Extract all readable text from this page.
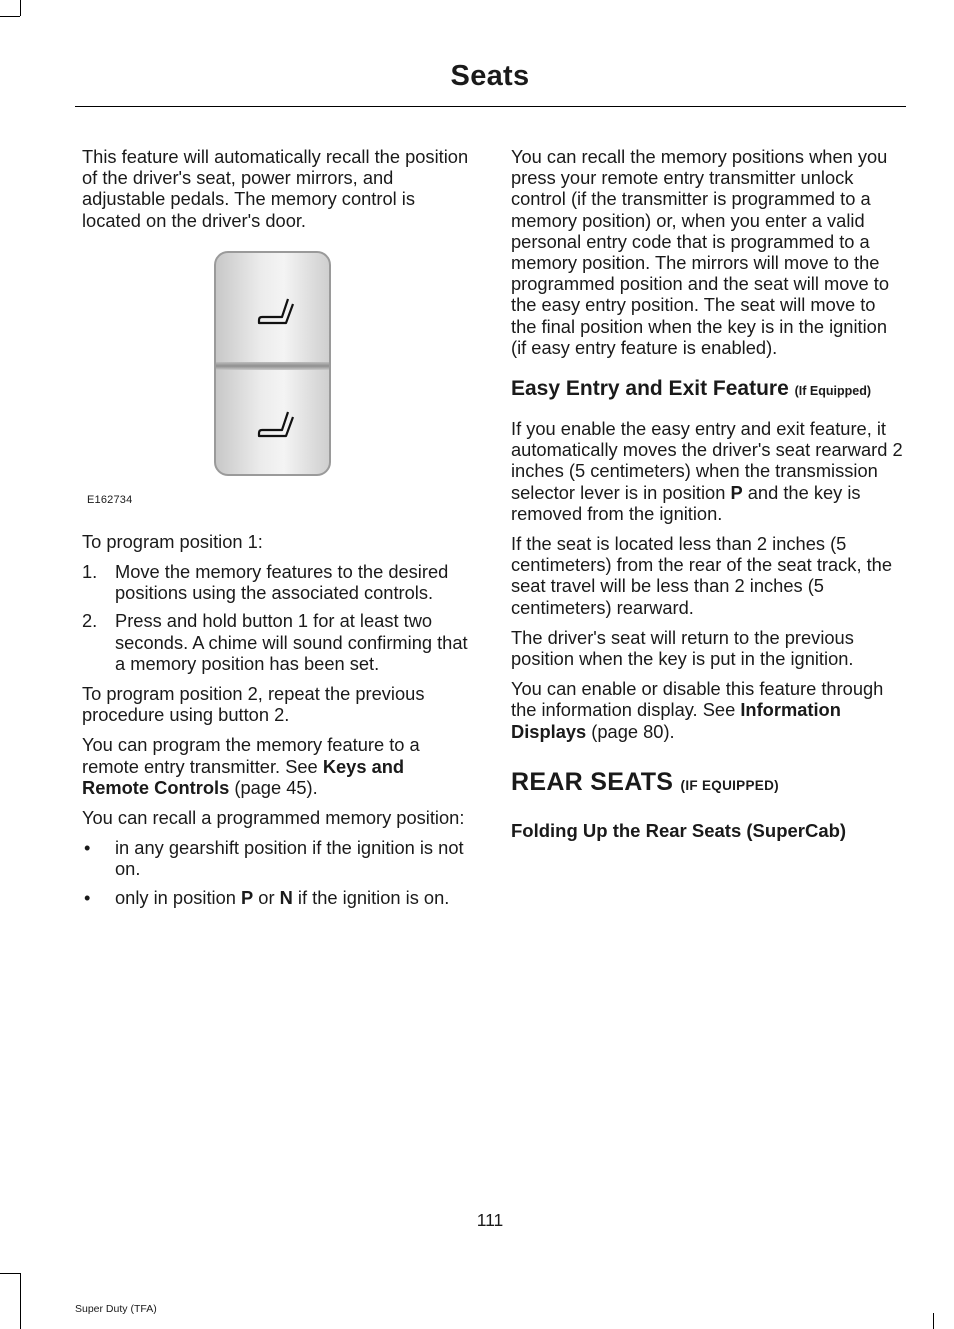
Seats

This feature will automatically recall the position of the driver's seat, power mirrors, and adjustable pedals. The memory control is located on the driver's door.

E162734

To program position 1:

1. Move the memory features to the desired positions using the associated controls.
2. Press and hold button 1 for at least two seconds. A chime will sound confirming that a memory position has been set.

To program position 2, repeat the previous procedure using button 2.

You can program the memory feature to a remote entry transmitter. See Keys and Remote Controls (page 45).

You can recall a programmed memory position:

• in any gearshift position if the ignition is not on.
• only in position P or N if the ignition is on.

You can recall the memory positions when you press your remote entry transmitter unlock control (if the transmitter is programmed to a memory position) or, when you enter a valid personal entry code that is programmed to a memory position. The mirrors will move to the programmed position and the seat will move to the easy entry position. The seat will move to the final position when the key is in the ignition (if easy entry feature is enabled).

Easy Entry and Exit Feature (If Equipped)

If you enable the easy entry and exit feature, it automatically moves the driver's seat rearward 2 inches (5 centimeters) when the transmission selector lever is in position P and the key is removed from the ignition.

If the seat is located less than 2 inches (5 centimeters) from the rear of the seat track, the seat travel will be less than 2 inches (5 centimeters) rearward.

The driver's seat will return to the previous position when the key is put in the ignition.

You can enable or disable this feature through the information display. See Information Displays (page 80).

REAR SEATS (IF EQUIPPED)
Folding Up the Rear Seats (SuperCab)
111
Super Duty (TFA)
